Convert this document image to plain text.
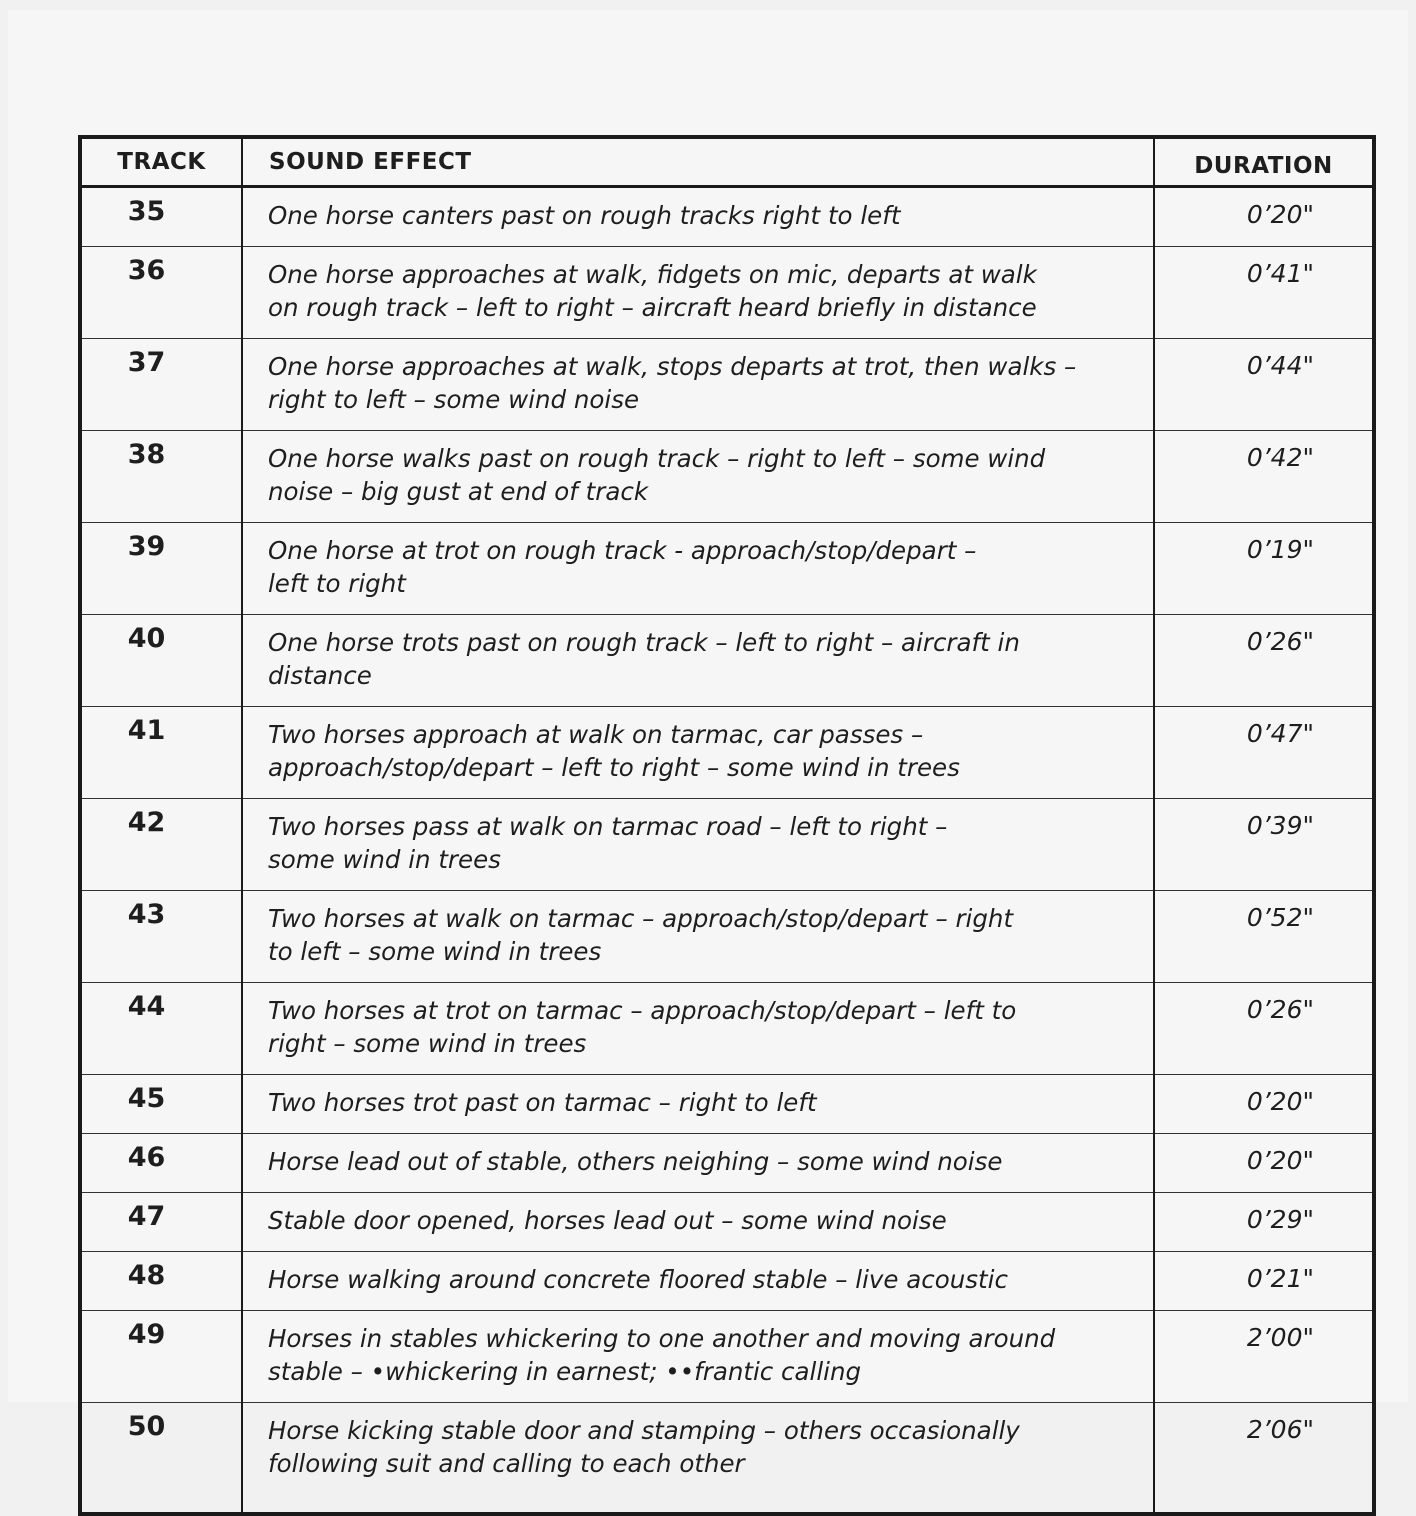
TRACK	SOUND EFFECT	DURATION
35	One horse canters past on rough tracks right to left	0’20"
36	One horse approaches at walk, fidgets on mic, departs at walk
on rough track – left to right – aircraft heard briefly in distance	0’41"
37	One horse approaches at walk, stops departs at trot, then walks –
right to left – some wind noise	0’44"
38	One horse walks past on rough track – right to left – some wind
noise – big gust at end of track	0’42"
39	One horse at trot on rough track - approach/stop/depart –
left to right	0’19"
40	One horse trots past on rough track – left to right – aircraft in
distance	0’26"
41	Two horses approach at walk on tarmac, car passes –
approach/stop/depart – left to right – some wind in trees	0’47"
42	Two horses pass at walk on tarmac road – left to right –
some wind in trees	0’39"
43	Two horses at walk on tarmac – approach/stop/depart – right
to left – some wind in trees	0’52"
44	Two horses at trot on tarmac – approach/stop/depart – left to
right – some wind in trees	0’26"
45	Two horses trot past on tarmac – right to left	0’20"
46	Horse lead out of stable, others neighing – some wind noise	0’20"
47	Stable door opened, horses lead out – some wind noise	0’29"
48	Horse walking around concrete floored stable – live acoustic	0’21"
49	Horses in stables whickering to one another and moving around
stable – •whickering in earnest; ••frantic calling	2’00"
50	Horse kicking stable door and stamping – others occasionally
following suit and calling to each other	2’06"
